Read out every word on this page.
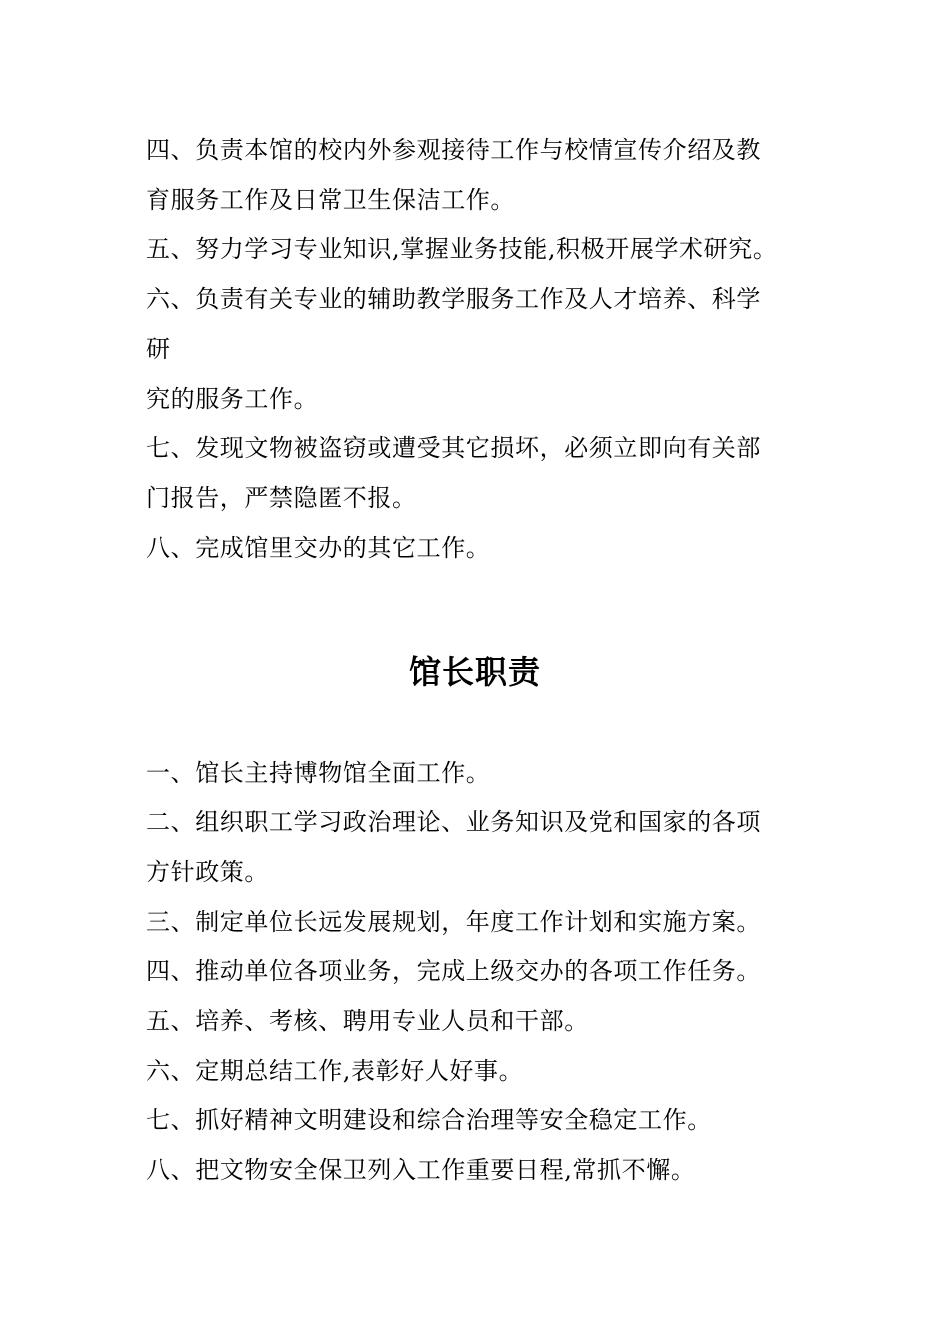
四、负责本馆的校内外参观接待工作与校情宣传介绍及教
育服务工作及日常卫生保洁工作。
五、努力学习专业知识,掌握业务技能,积极开展学术研究。
六、负责有关专业的辅助教学服务工作及人才培养、科学
研
究的服务工作。
七、发现文物被盗窃或遭受其它损坏，必须立即向有关部
门报告，严禁隐匿不报。
八、完成馆里交办的其它工作。
馆长职责
一、馆长主持博物馆全面工作。
二、组织职工学习政治理论、业务知识及党和国家的各项
方针政策。
三、制定单位长远发展规划，年度工作计划和实施方案。
四、推动单位各项业务，完成上级交办的各项工作任务。
五、培养、考核、聘用专业人员和干部。
六、定期总结工作,表彰好人好事。
七、抓好精神文明建设和综合治理等安全稳定工作。
八、把文物安全保卫列入工作重要日程,常抓不懈。
